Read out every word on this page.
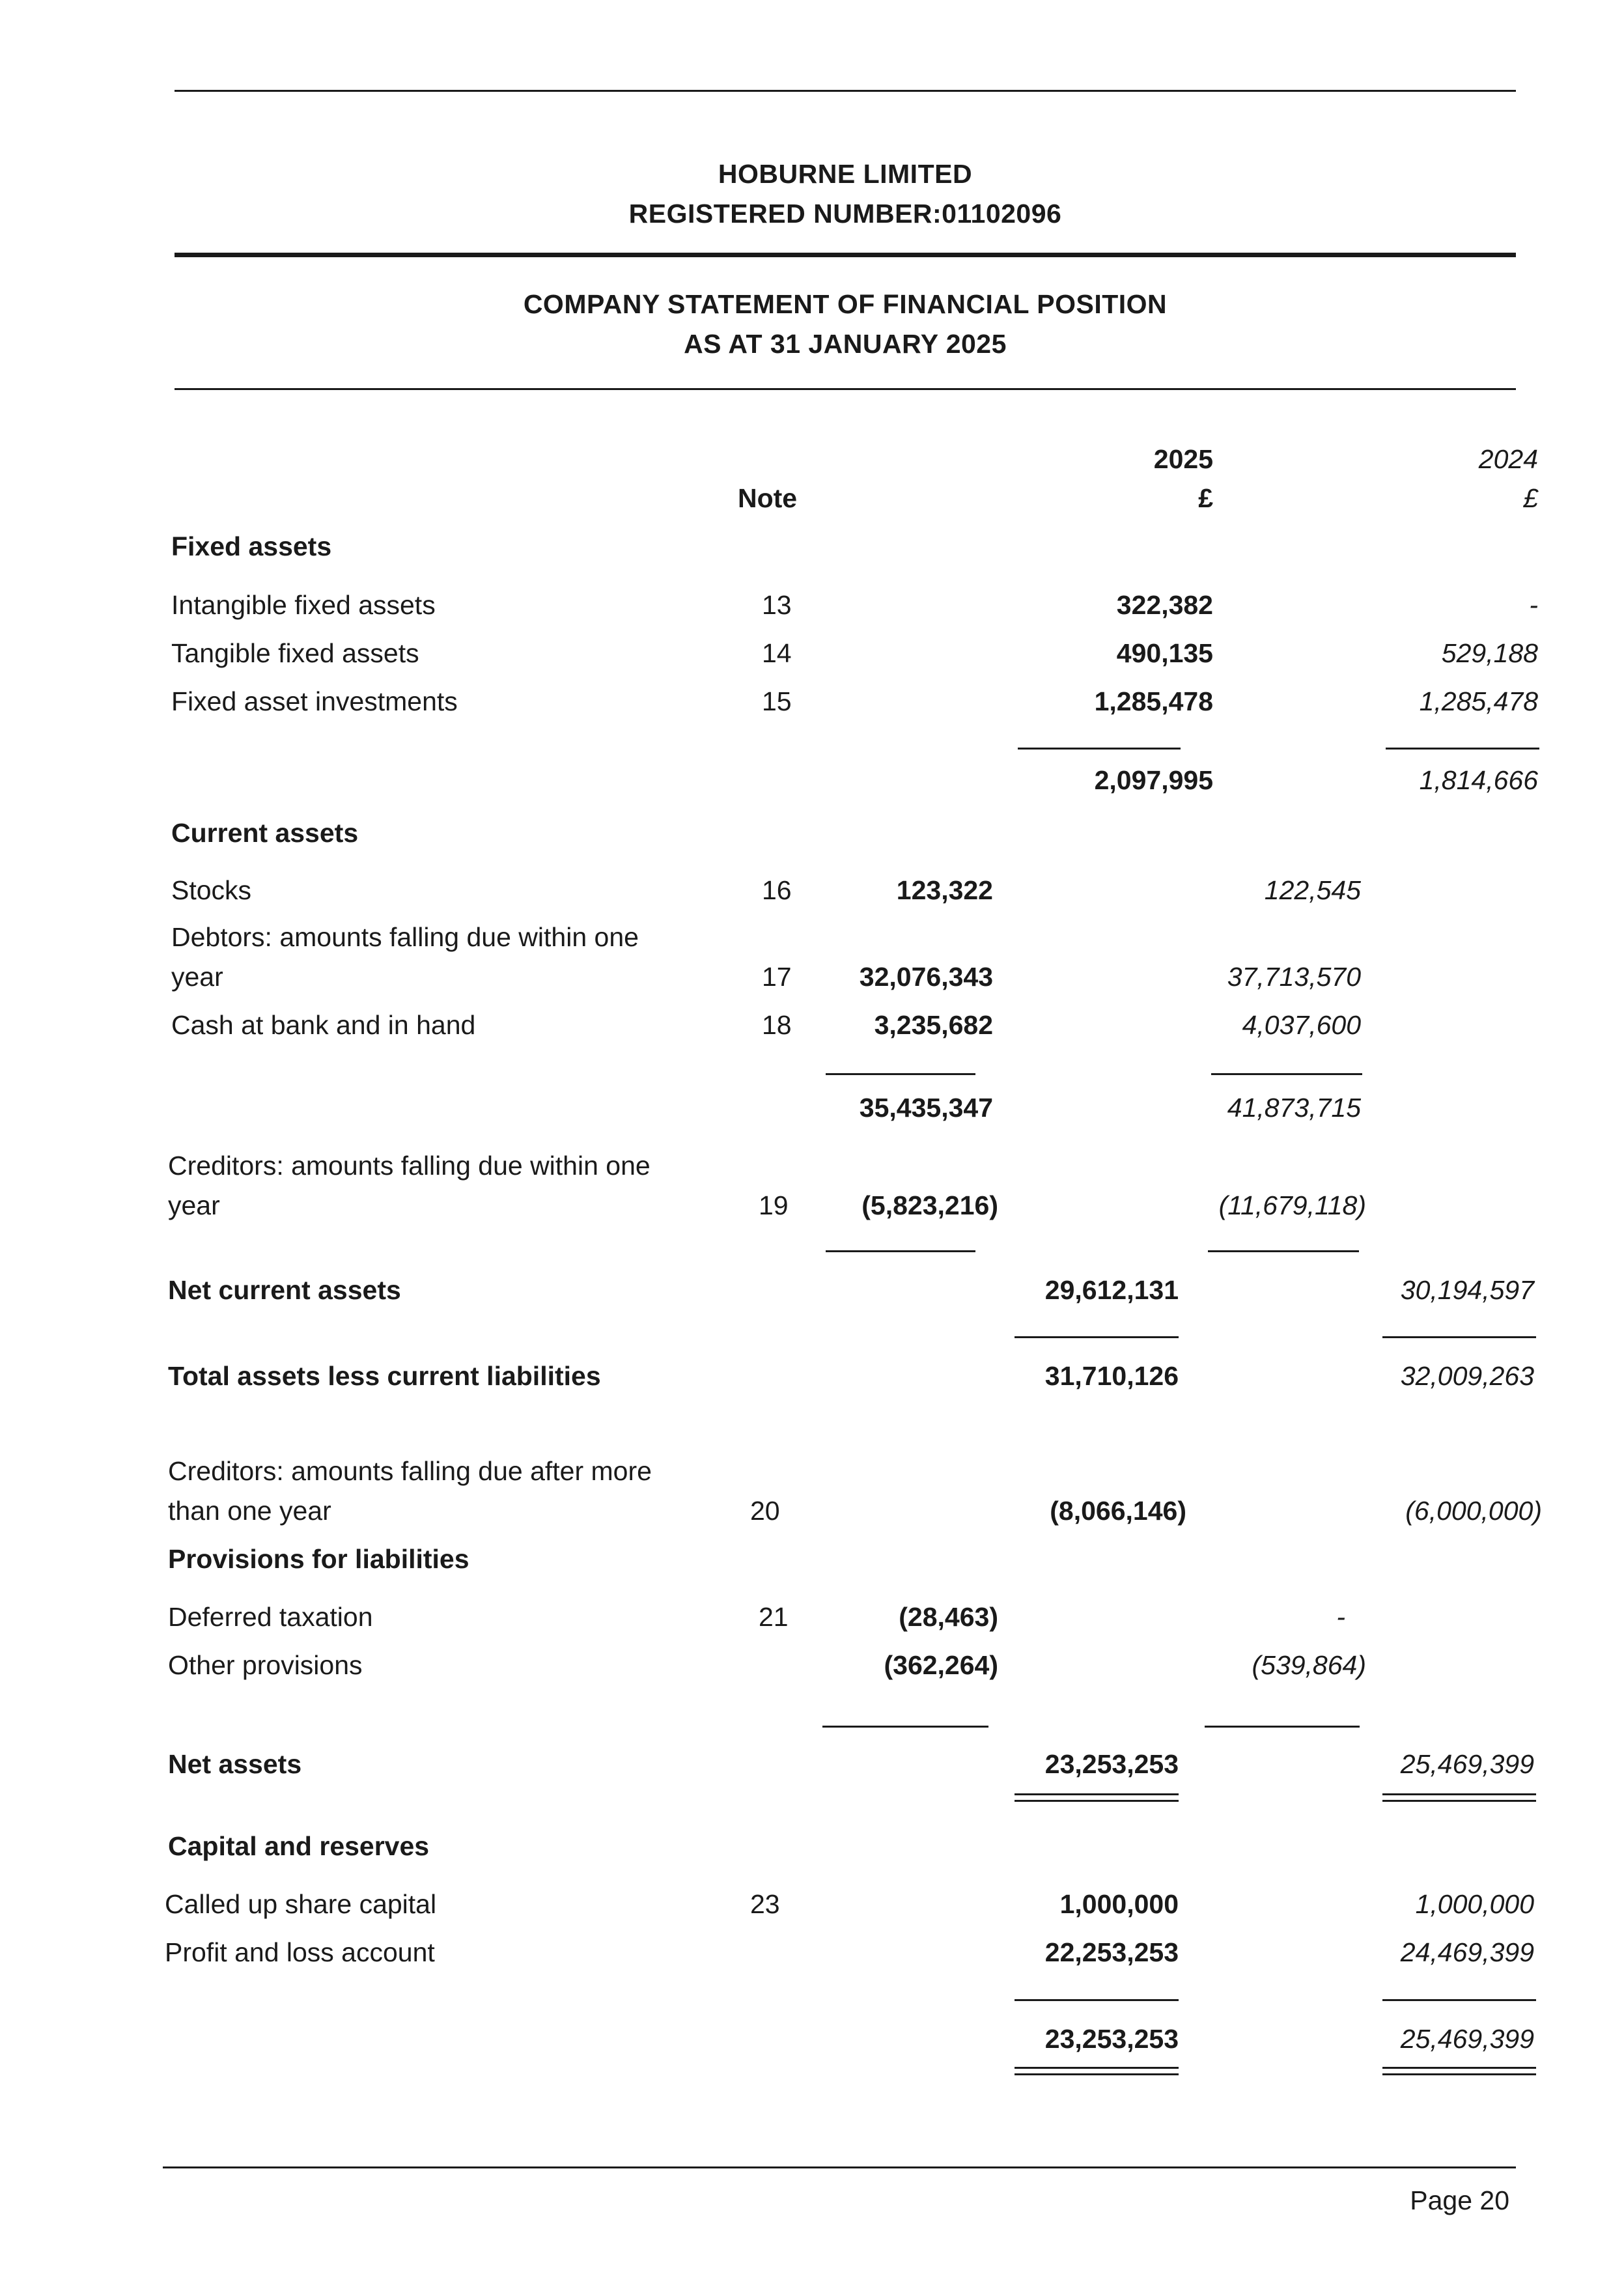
HOBURNE LIMITED
REGISTERED NUMBER:01102096
COMPANY STATEMENT OF FINANCIAL POSITION
AS AT 31 JANUARY 2025
Note
2025	2024
£	£
Fixed assets
Intangible fixed assets	13	322,382	-
Tangible fixed assets	14	490,135	529,188
Fixed asset investments	15	1,285,478	1,285,478
2,097,995	1,814,666
Current assets
Stocks	16	123,322	122,545
Debtors: amounts falling due within one
year	17	32,076,343	37,713,570
Cash at bank and in hand	18	3,235,682	4,037,600
35,435,347	41,873,715
Creditors: amounts falling due within one
year	19	(5,823,216)	(11,679,118)
Net current assets	29,612,131	30,194,597
Total assets less current liabilities	31,710,126	32,009,263
Creditors: amounts falling due after more
than one year	20	(8,066,146)	(6,000,000)
Provisions for liabilities
Deferred taxation	21	(28,463)	-
Other provisions	(362,264)	(539,864)
Net assets	23,253,253	25,469,399
Capital and reserves
Called up share capital	23	1,000,000	1,000,000
Profit and loss account	22,253,253	24,469,399
23,253,253	25,469,399
Page 20
